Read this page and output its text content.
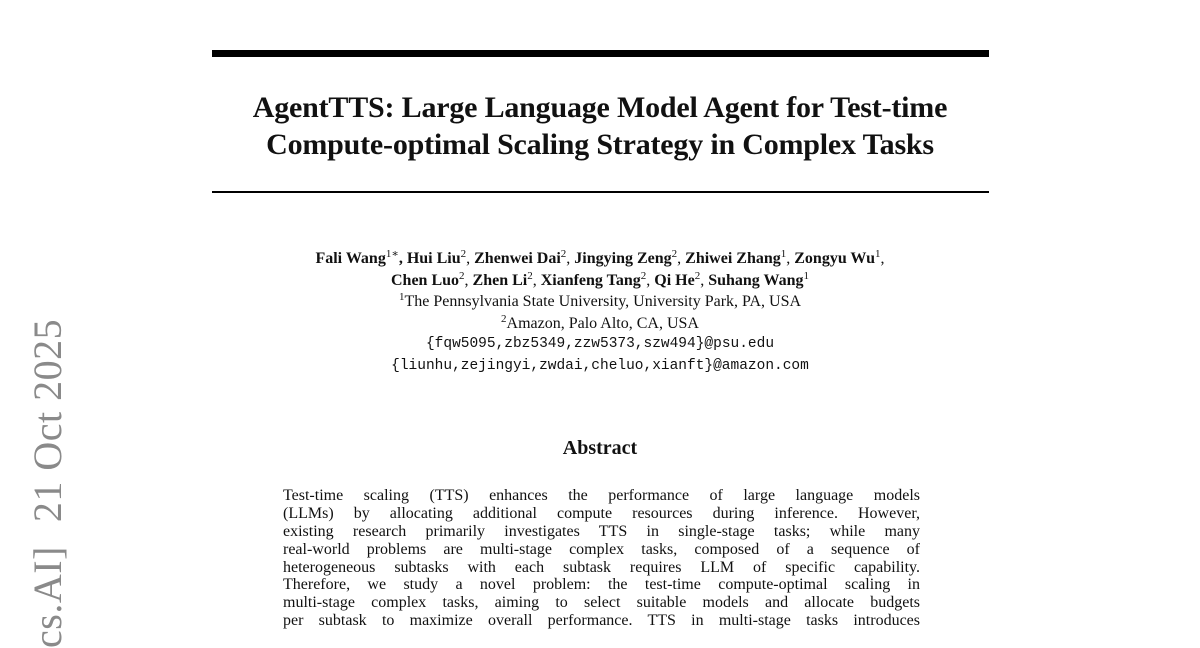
cs.AI]21 Oct 2025
AgentTTS: Large Language Model Agent for Test-time
Compute-optimal Scaling Strategy in Complex Tasks
Fali Wang$^{1∗}$, Hui Liu$^2$, Zhenwei Dai$^2$, Jingying Zeng$^2$, Zhiwei Zhang$^1$, Zongyu Wu$^1$,
Chen Luo$^2$, Zhen Li$^2$, Xianfeng Tang$^2$, Qi He$^2$, Suhang Wang$^1$
$^1$The Pennsylvania State University, University Park, PA, USA
$^2$Amazon, Palo Alto, CA, USA
{fqw5095,zbz5349,zzw5373,szw494}@psu.edu
{liunhu,zejingyi,zwdai,cheluo,xianft}@amazon.com
Abstract
Test-time scaling (TTS) enhances the performance of large language models
(LLMs) by allocating additional compute resources during inference. However,
existing research primarily investigates TTS in single-stage tasks; while many
real-world problems are multi-stage complex tasks, composed of a sequence of
heterogeneous subtasks with each subtask requires LLM of specific capability.
Therefore, we study a novel problem: the test-time compute-optimal scaling in
multi-stage complex tasks, aiming to select suitable models and allocate budgets
per subtask to maximize overall performance. TTS in multi-stage tasks introduces
